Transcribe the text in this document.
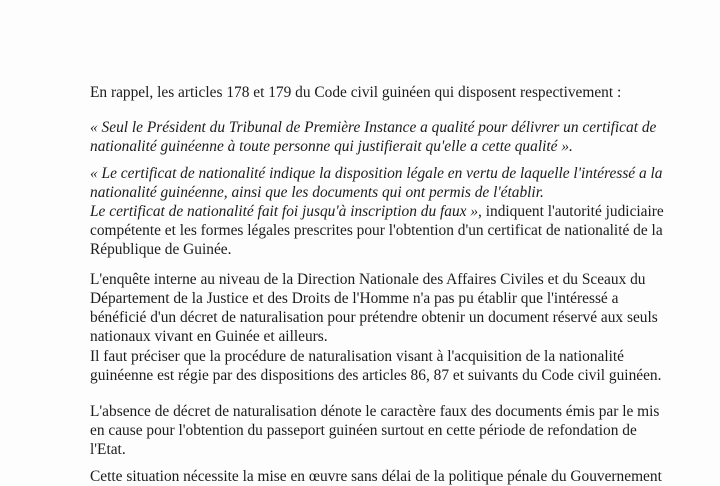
En rappel, les articles 178 et 179 du Code civil guinéen qui disposent respectivement :

« Seul le Président du Tribunal de Première Instance a qualité pour délivrer un certificat de
nationalité guinéenne à toute personne qui justifierait qu'elle a cette qualité ».

« Le certificat de nationalité indique la disposition légale en vertu de laquelle l'intéressé a la
nationalité guinéenne, ainsi que les documents qui ont permis de l'établir.
Le certificat de nationalité fait foi jusqu'à inscription du faux », indiquent l'autorité judiciaire
compétente et les formes légales prescrites pour l'obtention d'un certificat de nationalité de la
République de Guinée.

L'enquête interne au niveau de la Direction Nationale des Affaires Civiles et du Sceaux du
Département de la Justice et des Droits de l'Homme n'a pas pu établir que l'intéressé a
bénéficié d'un décret de naturalisation pour prétendre obtenir un document réservé aux seuls
nationaux vivant en Guinée et ailleurs.

Il faut préciser que la procédure de naturalisation visant à l'acquisition de la nationalité
guinéenne est régie par des dispositions des articles 86, 87 et suivants du Code civil guinéen.

L'absence de décret de naturalisation dénote le caractère faux des documents émis par le mis
en cause pour l'obtention du passeport guinéen surtout en cette période de refondation de
l'Etat.

Cette situation nécessite la mise en œuvre sans délai de la politique pénale du Gouvernement
